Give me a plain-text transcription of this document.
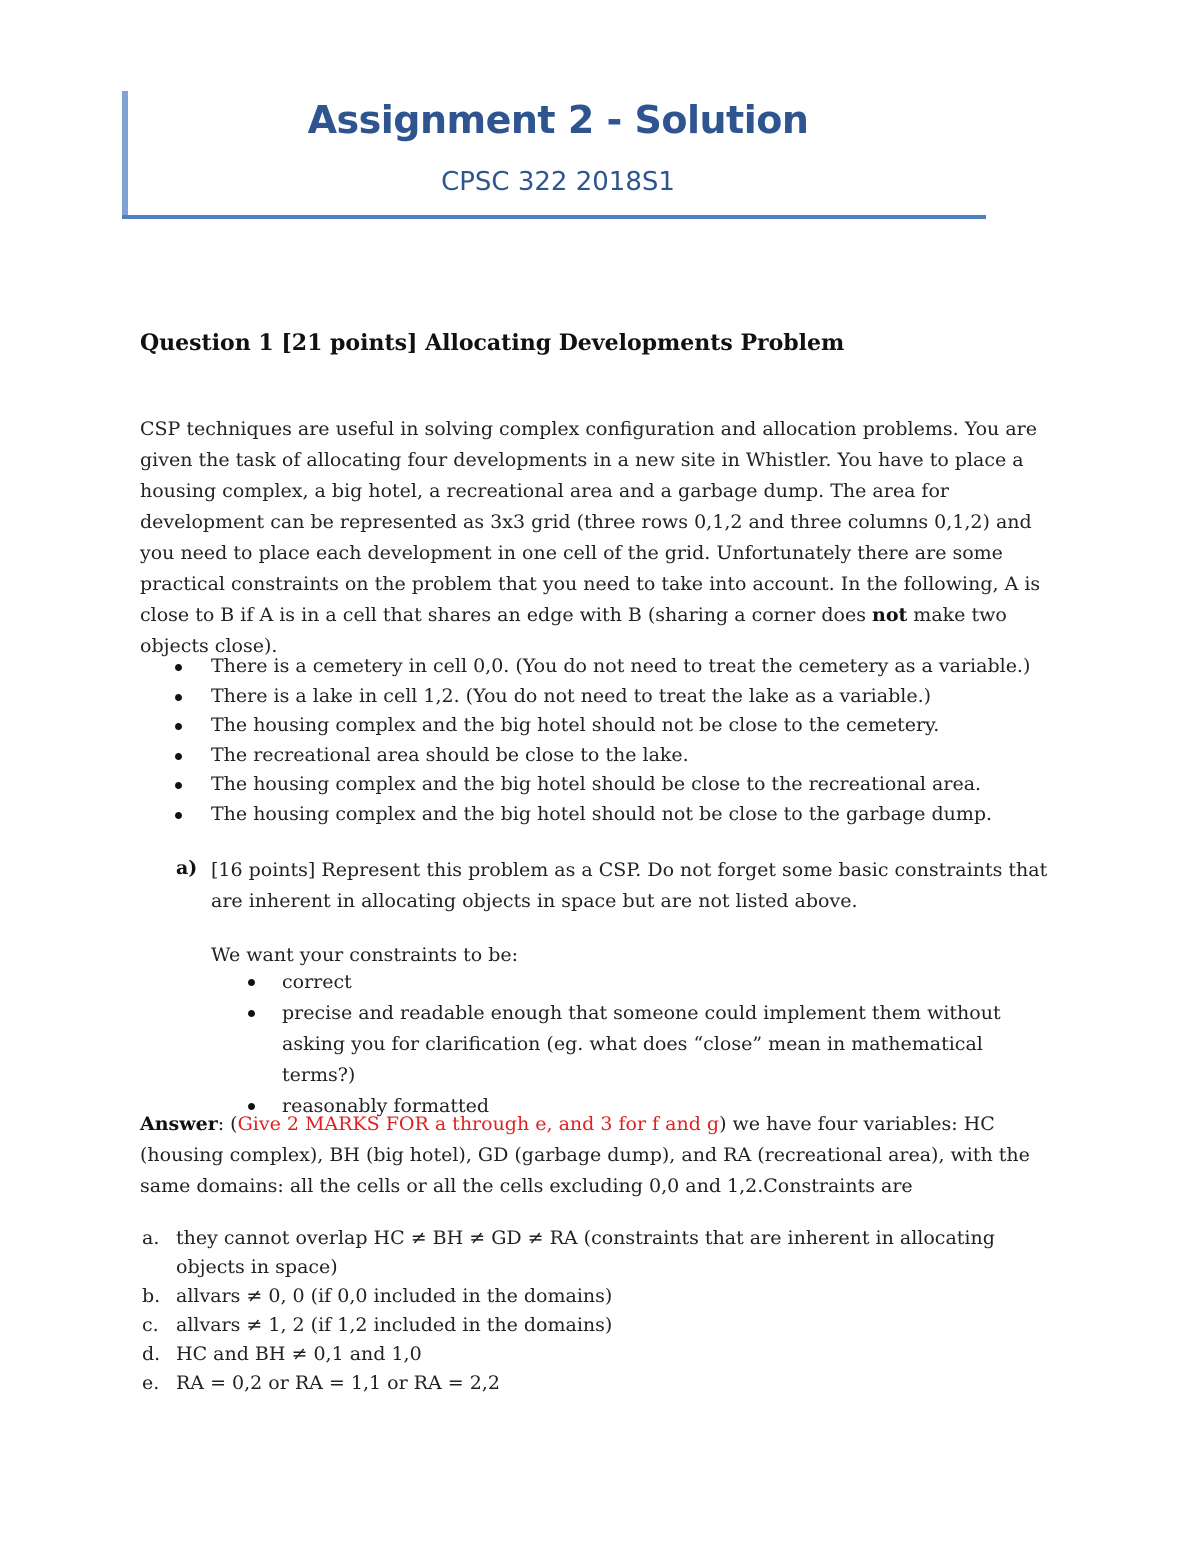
Assignment 2 - Solution
CPSC 322 2018S1
Question 1 [21 points] Allocating Developments Problem
CSP techniques are useful in solving complex configuration and allocation problems. You are given the task of allocating four developments in a new site in Whistler. You have to place a housing complex, a big hotel, a recreational area and a garbage dump. The area for development can be represented as 3x3 grid (three rows 0,1,2 and three columns 0,1,2) and you need to place each development in one cell of the grid. Unfortunately there are some practical constraints on the problem that you need to take into account. In the following, A is close to B if A is in a cell that shares an edge with B (sharing a corner does not make two objects close).
There is a cemetery in cell 0,0. (You do not need to treat the cemetery as a variable.)
There is a lake in cell 1,2. (You do not need to treat the lake as a variable.)
The housing complex and the big hotel should not be close to the cemetery.
The recreational area should be close to the lake.
The housing complex and the big hotel should be close to the recreational area.
The housing complex and the big hotel should not be close to the garbage dump.
a) [16 points] Represent this problem as a CSP. Do not forget some basic constraints that are inherent in allocating objects in space but are not listed above.
We want your constraints to be:
correct
precise and readable enough that someone could implement them without asking you for clarification (eg. what does “close” mean in mathematical terms?)
reasonably formatted
Answer: (Give 2 MARKS FOR a through e, and 3 for f and g) we have four variables: HC (housing complex), BH (big hotel), GD (garbage dump), and RA (recreational area), with the same domains: all the cells or all the cells excluding 0,0 and 1,2.Constraints are
a. they cannot overlap HC ≠ BH ≠ GD ≠ RA (constraints that are inherent in allocating objects in space)
b. allvars ≠ 0, 0 (if 0,0 included in the domains)
c. allvars ≠ 1, 2 (if 1,2 included in the domains)
d. HC and BH ≠ 0,1 and 1,0
e. RA = 0,2 or RA = 1,1 or RA = 2,2
